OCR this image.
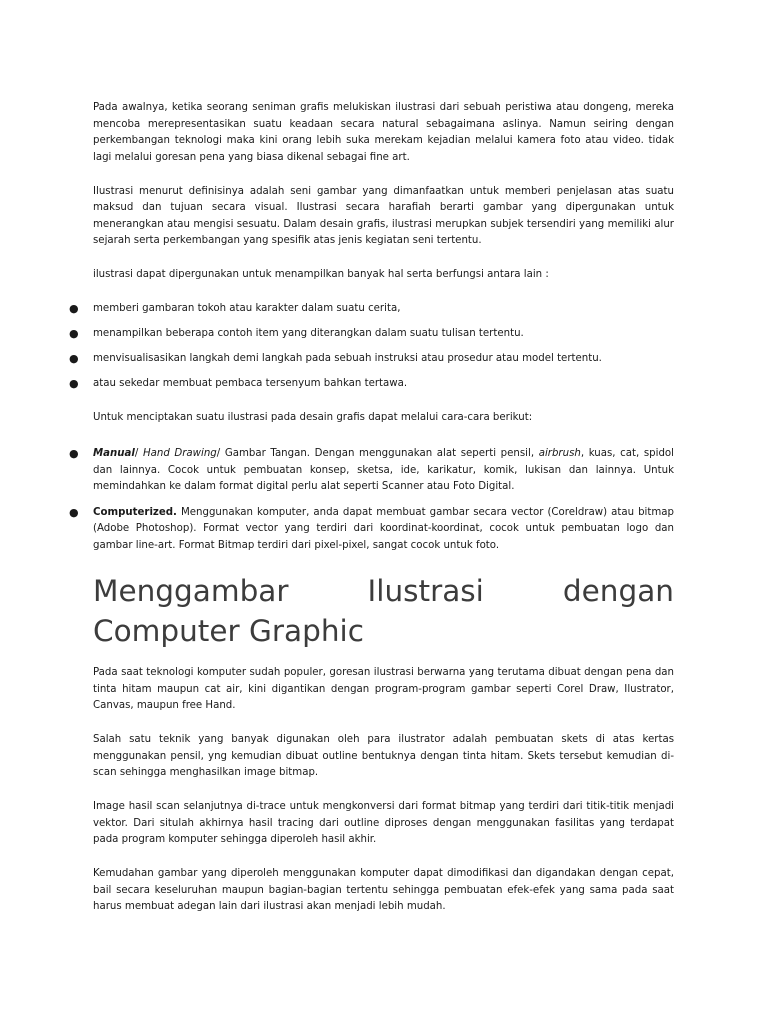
Pada awalnya, ketika seorang seniman grafis melukiskan ilustrasi dari sebuah peristiwa atau dongeng, mereka mencoba merepresentasikan suatu keadaan secara natural sebagaimana aslinya. Namun seiring dengan perkembangan teknologi maka kini orang lebih suka merekam kejadian melalui kamera foto atau video. tidak lagi melalui goresan pena yang biasa dikenal sebagai fine art.

Ilustrasi menurut definisinya adalah seni gambar yang dimanfaatkan untuk memberi penjelasan atas suatu maksud dan tujuan secara visual. Ilustrasi secara harafiah berarti gambar yang dipergunakan untuk menerangkan atau mengisi sesuatu. Dalam desain grafis, ilustrasi merupkan subjek tersendiri yang memiliki alur sejarah serta perkembangan yang spesifik atas jenis kegiatan seni tertentu.

ilustrasi dapat dipergunakan untuk menampilkan banyak hal serta berfungsi antara lain :

● memberi gambaran tokoh atau karakter dalam suatu cerita,
● menampilkan beberapa contoh item yang diterangkan dalam suatu tulisan tertentu.
● menvisualisasikan langkah demi langkah pada sebuah instruksi atau prosedur atau model tertentu.
● atau sekedar membuat pembaca tersenyum bahkan tertawa.

Untuk menciptakan suatu ilustrasi pada desain grafis dapat melalui cara-cara berikut:

● Manual/ Hand Drawing/ Gambar Tangan. Dengan menggunakan alat seperti pensil, airbrush, kuas, cat, spidol dan lainnya. Cocok untuk pembuatan konsep, sketsa, ide, karikatur, komik, lukisan dan lainnya. Untuk memindahkan ke dalam format digital perlu alat seperti Scanner atau Foto Digital.
● Computerized. Menggunakan komputer, anda dapat membuat gambar secara vector (Coreldraw) atau bitmap (Adobe Photoshop). Format vector yang terdiri dari koordinat-koordinat, cocok untuk pembuatan logo dan gambar line-art. Format Bitmap terdiri dari pixel-pixel, sangat cocok untuk foto.
Menggambar	Ilustrasi	dengan
Computer Graphic

Pada saat teknologi komputer sudah populer, goresan ilustrasi berwarna yang terutama dibuat dengan pena dan tinta hitam maupun cat air, kini digantikan dengan program-program gambar seperti Corel Draw, Ilustrator, Canvas, maupun free Hand.

Salah satu teknik yang banyak digunakan oleh para ilustrator adalah pembuatan skets di atas kertas menggunakan pensil, yng kemudian dibuat outline bentuknya dengan tinta hitam. Skets tersebut kemudian di-scan sehingga menghasilkan image bitmap.

Image hasil scan selanjutnya di-trace untuk mengkonversi dari format bitmap yang terdiri dari titik-titik menjadi vektor. Dari situlah akhirnya hasil tracing dari outline diproses dengan menggunakan fasilitas yang terdapat pada program komputer sehingga diperoleh hasil akhir.

Kemudahan gambar yang diperoleh menggunakan komputer dapat dimodifikasi dan digandakan dengan cepat, bail secara keseluruhan maupun bagian-bagian tertentu sehingga pembuatan efek-efek yang sama pada saat harus membuat adegan lain dari ilustrasi akan menjadi lebih mudah.
